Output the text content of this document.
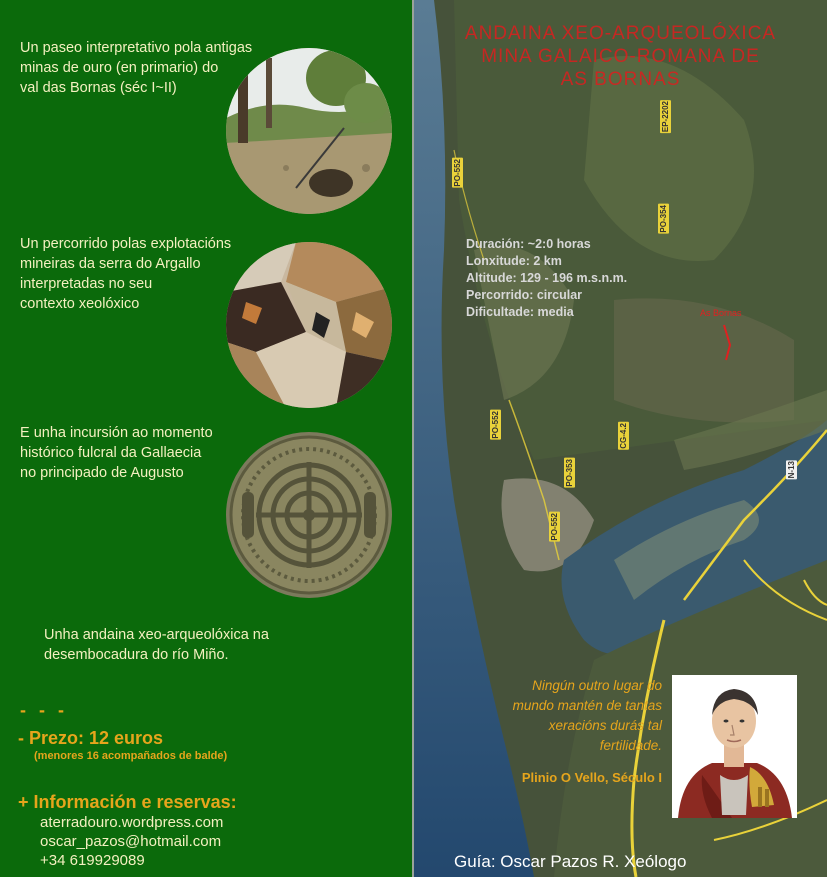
Un paseo interpretativo pola antigas
minas de ouro (en primario) do
val das Bornas (séc I~II)
Un percorrido polas explotacións
mineiras da serra do Argallo
interpretadas no seu
contexto xeolóxico
E unha incursión ao momento
histórico fulcral da Gallaecia
no principado de Augusto
Unha andaina xeo-arqueolóxica na
desembocadura do río Miño.
- - -
- Prezo: 12 euros
(menores 16 acompañados de balde)
+ Información e reservas:
aterradouro.wordpress.com
oscar_pazos@hotmail.com
+34 619929089
ANDAINA XEO-ARQUEOLÓXICA
MINA GALAICO-ROMANA DE
AS BORNAS
PO-552
EP-2202
PO-354
PO-552
PO-353
PO-552
CG-4.2
N-13
Duración: ~2:0 horas
Lonxitude: 2 km
Altitude: 129 - 196 m.s.n.m.
Percorrido: circular
Dificultade: media	As Bornas
Ningún outro lugar do
mundo mantén de tantas
xeracións durás tal
fertilidade.
Plinio O Vello, Século I
Guía: Oscar Pazos R. Xeólogo
